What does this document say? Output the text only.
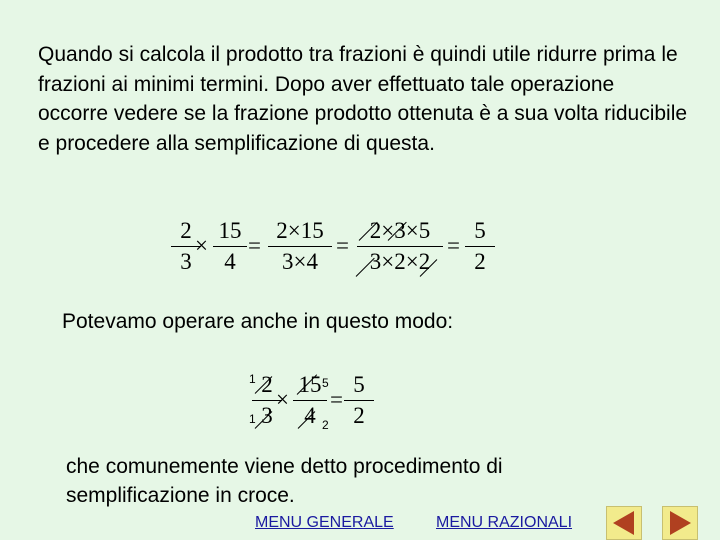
Quando si calcola il prodotto tra frazioni è quindi utile ridurre prima le frazioni ai minimi termini. Dopo aver effettuato tale operazione occorre vedere se la frazione prodotto ottenuta è a sua volta riducibile e procedere alla semplificazione di questa.

2
3
×
15
4
=
2×15
3×4
=
2×3×5
3×2×2
=
5
2
Potevamo operare anche in questo modo:
1
1
2
3
×
15
4
5
2
=
5
2

che comunemente viene detto procedimento di semplificazione in croce.

MENU GENERALE	MENU RAZIONALI
